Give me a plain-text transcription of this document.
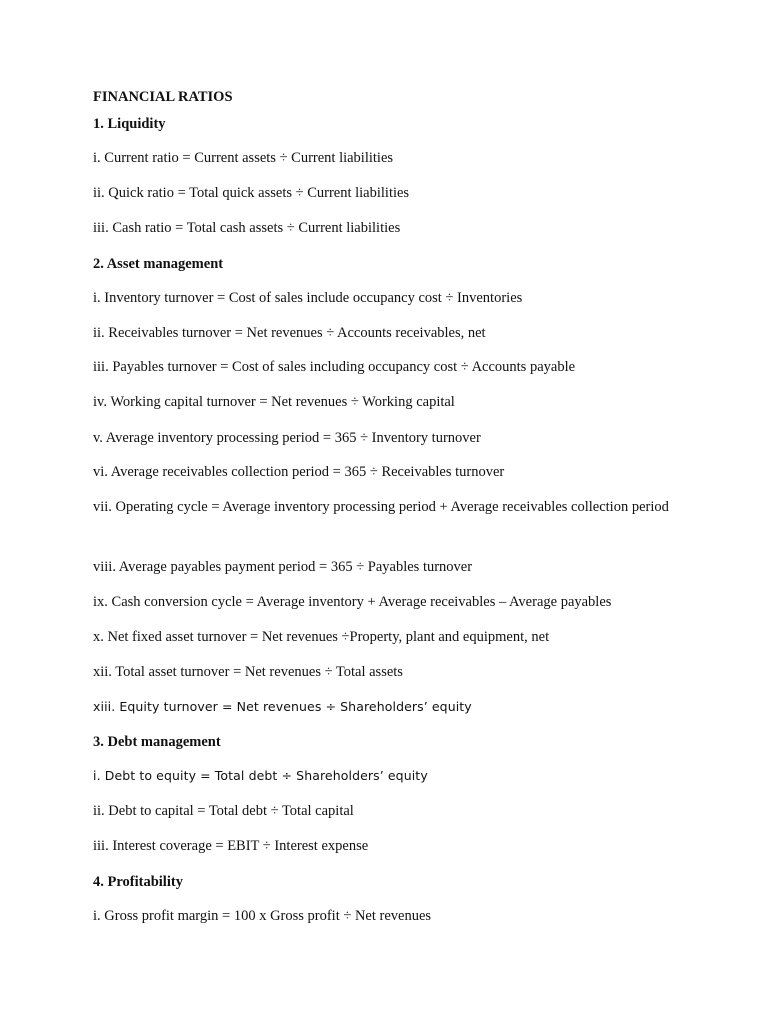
FINANCIAL RATIOS
1. Liquidity
i. Current ratio = Current assets ÷ Current liabilities
ii. Quick ratio = Total quick assets ÷ Current liabilities
iii. Cash ratio = Total cash assets ÷ Current liabilities
2. Asset management
i. Inventory turnover = Cost of sales include occupancy cost ÷ Inventories
ii. Receivables turnover = Net revenues ÷ Accounts receivables, net
iii. Payables turnover = Cost of sales including occupancy cost ÷ Accounts payable
iv. Working capital turnover = Net revenues ÷ Working capital
v. Average inventory processing period = 365 ÷ Inventory turnover
vi. Average receivables collection period = 365 ÷ Receivables turnover
vii. Operating cycle = Average inventory processing period + Average receivables collection period
viii. Average payables payment period = 365 ÷ Payables turnover
ix. Cash conversion cycle = Average inventory + Average receivables – Average payables
x. Net fixed asset turnover = Net revenues ÷Property, plant and equipment, net
xii. Total asset turnover = Net revenues ÷ Total assets
xiii. Equity turnover = Net revenues ÷ Shareholders’ equity
3. Debt management
i. Debt to equity = Total debt ÷ Shareholders’ equity
ii. Debt to capital = Total debt ÷ Total capital
iii. Interest coverage = EBIT ÷ Interest expense
4. Profitability
i. Gross profit margin = 100 x Gross profit ÷ Net revenues
